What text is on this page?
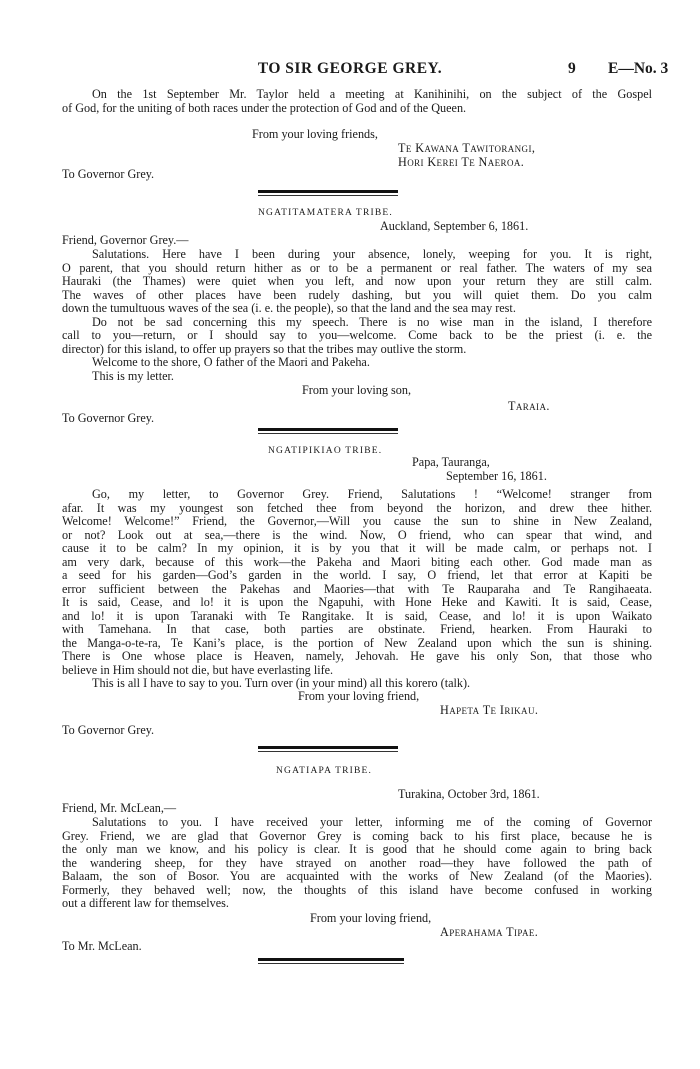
TO SIR GEORGE GREY.	9 E—No. 3
On the 1st September Mr. Taylor held a meeting at Kanihinihi, on the subject of the Gospel
of God, for the uniting of both races under the protection of God and of the Queen.
From your loving friends,
Te Kawana Tawitorangi,
Hori Kerei Te Naeroa.
To Governor Grey.
NGATITAMATERA TRIBE.
Auckland, September 6, 1861.
Friend, Governor Grey.—
Salutations. Here have I been during your absence, lonely, weeping for you. It is right,
O parent, that you should return hither as or to be a permanent or real father. The waters of my sea
Hauraki (the Thames) were quiet when you left, and now upon your return they are still calm.
The waves of other places have been rudely dashing, but you will quiet them. Do you calm
down the tumultuous waves of the sea (i. e. the people), so that the land and the sea may rest.
Do not be sad concerning this my speech. There is no wise man in the island, I therefore
call to you—return, or I should say to you—welcome. Come back to be the priest (i. e. the
director) for this island, to offer up prayers so that the tribes may outlive the storm.
Welcome to the shore, O father of the Maori and Pakeha.
This is my letter.
From your loving son,
Taraia.
To Governor Grey.
NGATIPIKIAO TRIBE.
Papa, Tauranga,
September 16, 1861.
Go, my letter, to Governor Grey. Friend, Salutations ! “Welcome! stranger from
afar. It was my youngest son fetched thee from beyond the horizon, and drew thee hither.
Welcome! Welcome!” Friend, the Governor,—Will you cause the sun to shine in New Zealand,
or not? Look out at sea,—there is the wind. Now, O friend, who can spear that wind, and
cause it to be calm? In my opinion, it is by you that it will be made calm, or perhaps not. I
am very dark, because of this work—the Pakeha and Maori biting each other. God made man as
a seed for his garden—God’s garden in the world. I say, O friend, let that error at Kapiti be
error sufficient between the Pakehas and Maories—that with Te Rauparaha and Te Rangihaeata.
It is said, Cease, and lo! it is upon the Ngapuhi, with Hone Heke and Kawiti. It is said, Cease,
and lo! it is upon Taranaki with Te Rangitake. It is said, Cease, and lo! it is upon Waikato
with Tamehana. In that case, both parties are obstinate. Friend, hearken. From Hauraki to
the Manga-o-te-ra, Te Kani’s place, is the portion of New Zealand upon which the sun is shining.
There is One whose place is Heaven, namely, Jehovah. He gave his only Son, that those who
believe in Him should not die, but have everlasting life.
This is all I have to say to you. Turn over (in your mind) all this korero (talk).
From your loving friend,
Hapeta Te Irikau.
To Governor Grey.
NGATIAPA TRIBE.
Turakina, October 3rd, 1861.
Friend, Mr. McLean,—
Salutations to you. I have received your letter, informing me of the coming of Governor
Grey. Friend, we are glad that Governor Grey is coming back to his first place, because he is
the only man we know, and his policy is clear. It is good that he should come again to bring back
the wandering sheep, for they have strayed on another road—they have followed the path of
Balaam, the son of Bosor. You are acquainted with the works of New Zealand (of the Maories).
Formerly, they behaved well; now, the thoughts of this island have become confused in working
out a different law for themselves.
From your loving friend,
Aperahama Tipae.
To Mr. McLean.
